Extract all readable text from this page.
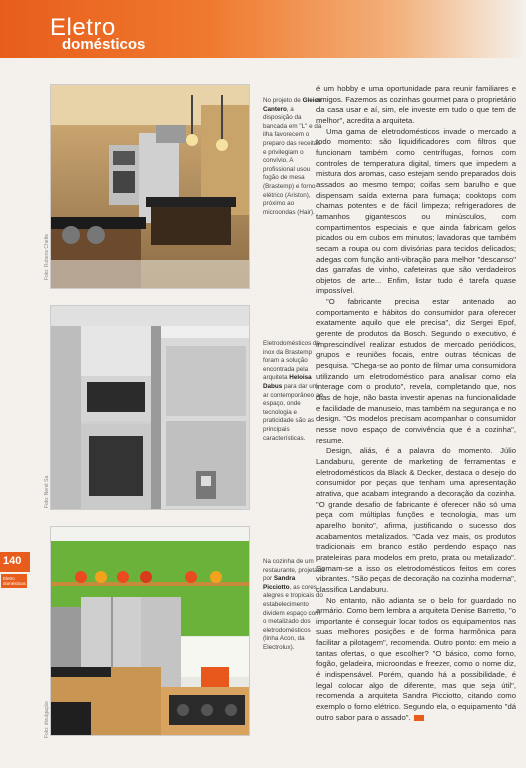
Eletro
domésticos
Foto: Rubens Chette
No projeto de Gleice Cantero, a disposição da bancada em "L" e da ilha favorecem o preparo das receitas e privilegiam o convívio. A profissional usou fogão de mesa (Brastemp) e forno elétrico (Ariston), próximo ao microondas (Hair).
Foto: Nenê Sa
Eletrodomésticos de inox da Brastemp foram a solução encontrada pela arquiteta Heloisa Dabus para dar um ar contemporâneo ao espaço, onde tecnologia e praticidade são as principais características.
140
Eletro domésticos
Foto: divulgação
Na cozinha de um restaurante, projetada por Sandra Picciotto, as cores alegres e tropicais do estabelecimento dividem espaço com o metalizado dos eletrodomésticos (linha Acon, da Electrolux).

é um hobby e uma oportunidade para reunir familiares e amigos. Fazemos as cozinhas gourmet para o proprietário da casa usar e aí, sim, ele investe em tudo o que tem de melhor", acredita a arquiteta.

Uma gama de eletrodomésticos invade o mercado a todo momento: são liquidificadores com filtros que funcionam também como centrífugas, fornos com controles de temperatura digital, timers que impedem a mistura dos aromas, caso estejam sendo preparados dois assados ao mesmo tempo; coifas sem barulho e que dispensam saída externa para fumaça; cooktops com chamas potentes e de fácil limpeza; refrigeradores de tamanhos gigantescos ou minúsculos, com compartimentos especiais e que ainda fabricam gelos picados ou em cubos em minutos; lavadoras que também secam a roupa ou com divisórias para tecidos delicados; adegas com função anti-vibração para melhor "descanso" das garrafas de vinho, cafeteiras que são verdadeiros objetos de arte... Enfim, listar tudo é tarefa quase impossível.

"O fabricante precisa estar antenado ao comportamento e hábitos do consumidor para oferecer exatamente aquilo que ele precisa", diz Sergei Epof, gerente de produtos da Bosch. Segundo o executivo, é imprescindível realizar estudos de mercado periódicos, grupos e reuniões focais, entre outras técnicas de pesquisa. "Chega-se ao ponto de filmar uma consumidora utilizando um eletrodoméstico para analisar como ela interage com o produto", revela, completando que, nos dias de hoje, não basta investir apenas na funcionalidade e facilidade de manuseio, mas também na segurança e no design. "Os modelos precisam acompanhar o consumidor nesse novo espaço de convivência que é a cozinha", resume.

Design, aliás, é a palavra do momento. Júlio Landaburu, gerente de marketing de ferramentas e eletrodomésticos da Black & Decker, destaca o desejo do consumidor por peças que tenham uma apresentação atrativa, que acabam integrando a decoração da cozinha. "O grande desafio de fabricante é oferecer não só uma peça com múltiplas funções e tecnologia, mas um aparelho bonito", afirma, justificando o sucesso dos acabamentos metalizados. "Cada vez mais, os produtos tradicionais em branco estão perdendo espaço nas prateleiras para modelos em preto, prata ou metalizado". Somam-se a isso os eletrodomésticos feitos em cores vibrantes. "São peças de decoração na cozinha moderna", classifica Landaburu.

No entanto, não adianta se o belo for guardado no armário. Como bem lembra a arquiteta Denise Barretto, "o importante é conseguir locar todos os equipamentos nas suas melhores posições e de forma harmônica para facilitar a pilotagem", recomenda. Outro ponto: em meio a tantas ofertas, o que escolher? "O básico, como forno, fogão, geladeira, microondas e freezer, como o nome diz, é indispensável. Porém, quando há a possibilidade, é legal colocar algo de diferente, mas que seja útil", recomenda a arquiteta Sandra Picciotto, citando como exemplo o forno elétrico. Segundo ela, o equipamento "dá outro sabor para o assado".
